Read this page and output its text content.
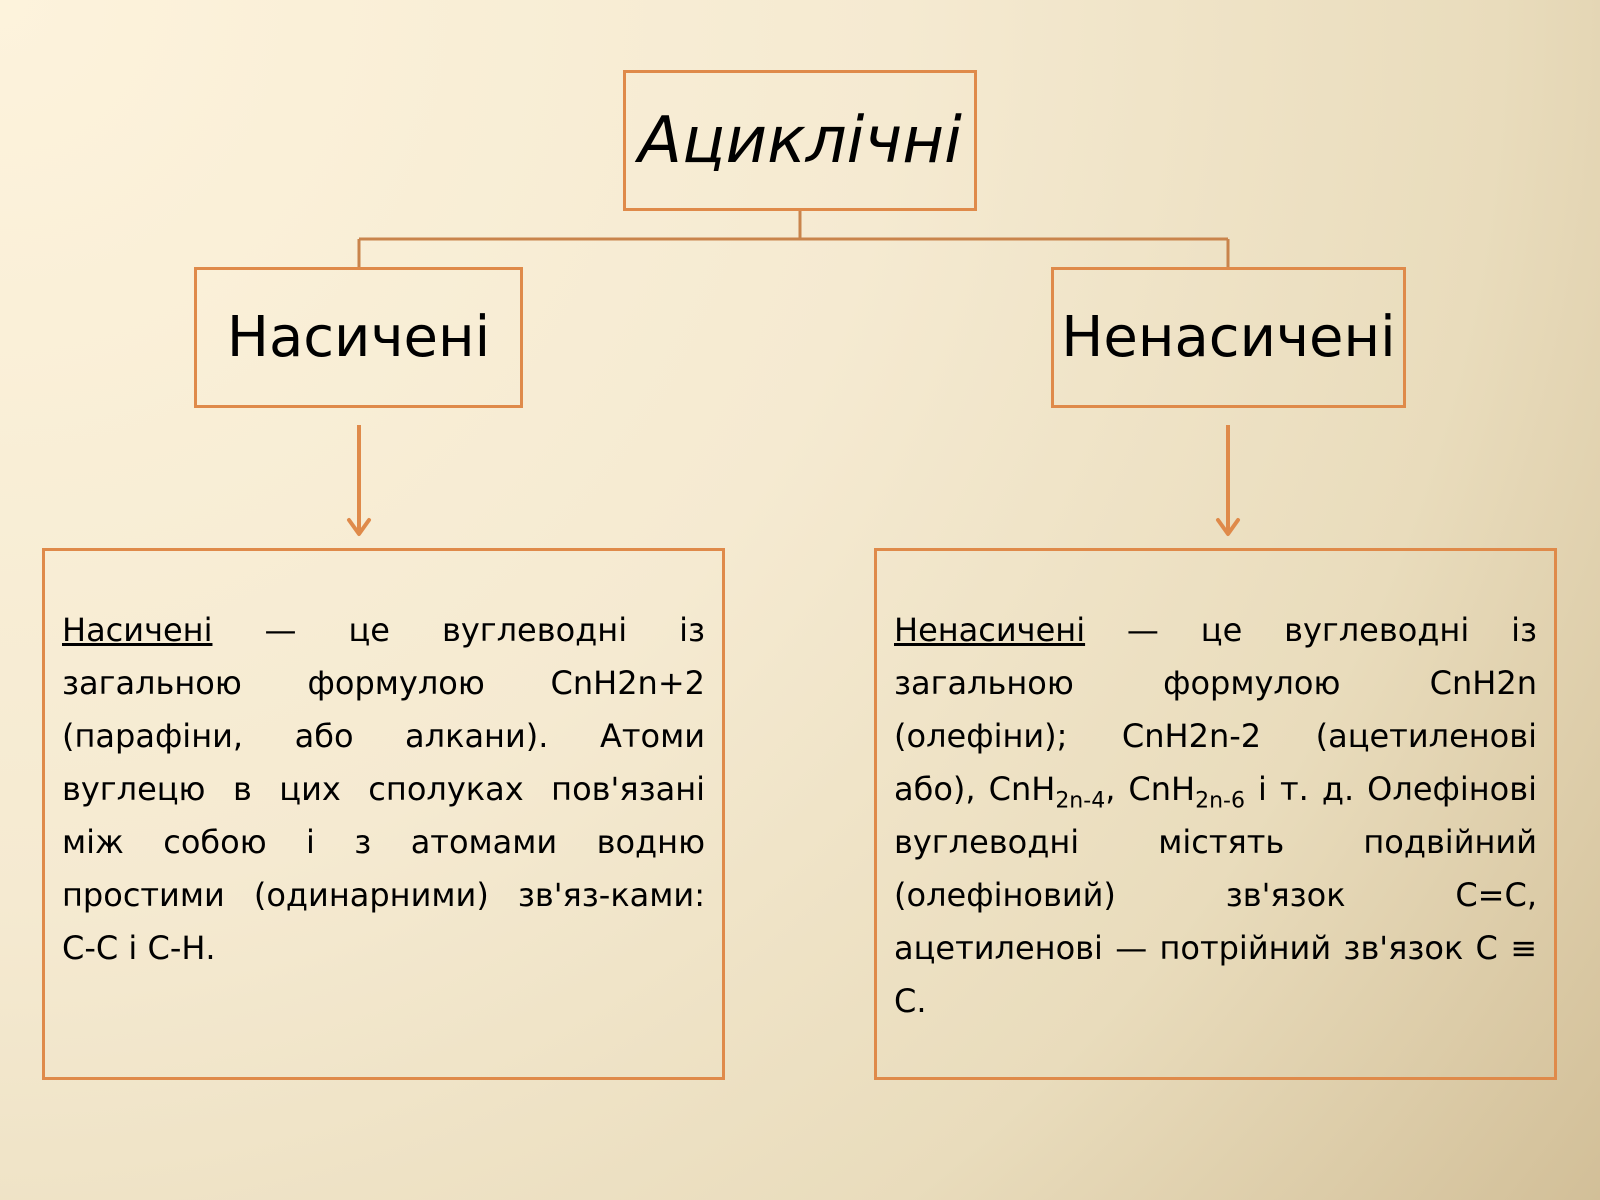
Ациклічні
Насичені	Ненасичені
Насичені — це вуглеводні із загальною формулою CnH2n+2 (парафіни, або алкани). Атоми вуглецю в цих сполуках пов'язані між собою і з атомами водню простими (одинарними) зв'яз-ками: С-С і С-Н.
Ненасичені — це вуглеводні із загальною формулою CnH2n (олефіни); CnH2n-2 (ацетиленові або), CnH$_{2n-4}$, CnH$_{2n-6}$ і т. д. Олефінові вуглеводні містять подвійний (олефіновий) зв'язок С=С, ацетиленові — потрійний зв'язок С ≡ С.
